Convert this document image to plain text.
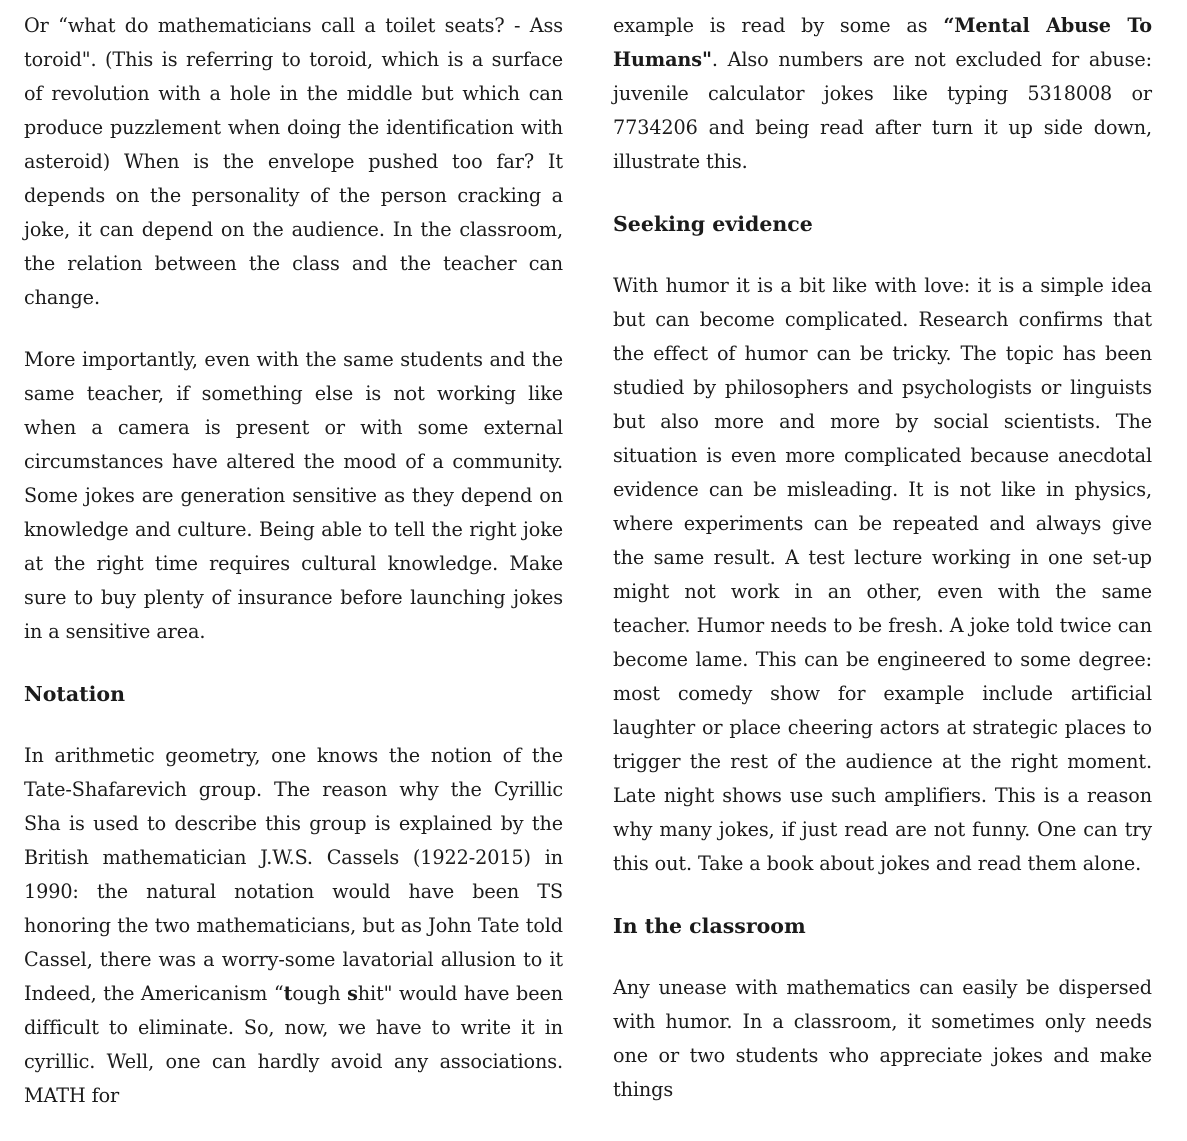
Or “what do mathematicians call a toilet seats? - Ass toroid". (This is referring to toroid, which is a surface of revolution with a hole in the middle but which can produce puzzlement when doing the identification with asteroid) When is the envelope pushed too far? It depends on the personality of the person cracking a joke, it can depend on the audience. In the classroom, the relation between the class and the teacher can change.

More importantly, even with the same students and the same teacher, if something else is not working like when a camera is present or with some external circumstances have altered the mood of a community. Some jokes are generation sensitive as they depend on knowledge and culture. Being able to tell the right joke at the right time requires cultural knowledge. Make sure to buy plenty of insurance before launching jokes in a sensitive area.

Notation

In arithmetic geometry, one knows the notion of the Tate-Shafarevich group. The reason why the Cyrillic Sha is used to describe this group is explained by the British mathematician J.W.S. Cassels (1922-2015) in 1990: the natural notation would have been TS honoring the two mathematicians, but as John Tate told Cassel, there was a worry-some lavatorial allusion to it Indeed, the Americanism “tough shit" would have been difficult to eliminate. So, now, we have to write it in cyrillic. Well, one can hardly avoid any associations. MATH for

example is read by some as “Mental Abuse To Humans". Also numbers are not excluded for abuse: juvenile calculator jokes like typing 5318008 or 7734206 and being read after turn it up side down, illustrate this.

Seeking evidence

With humor it is a bit like with love: it is a simple idea but can become complicated. Research confirms that the effect of humor can be tricky. The topic has been studied by philosophers and psychologists or linguists but also more and more by social scientists. The situation is even more complicated because anecdotal evidence can be misleading. It is not like in physics, where experiments can be repeated and always give the same result. A test lecture working in one set-up might not work in an other, even with the same teacher. Humor needs to be fresh. A joke told twice can become lame. This can be engineered to some degree: most comedy show for example include artificial laughter or place cheering actors at strategic places to trigger the rest of the audience at the right moment. Late night shows use such amplifiers. This is a reason why many jokes, if just read are not funny. One can try this out. Take a book about jokes and read them alone.

In the classroom

Any unease with mathematics can easily be dispersed with humor. In a classroom, it sometimes only needs one or two students who appreciate jokes and make things
